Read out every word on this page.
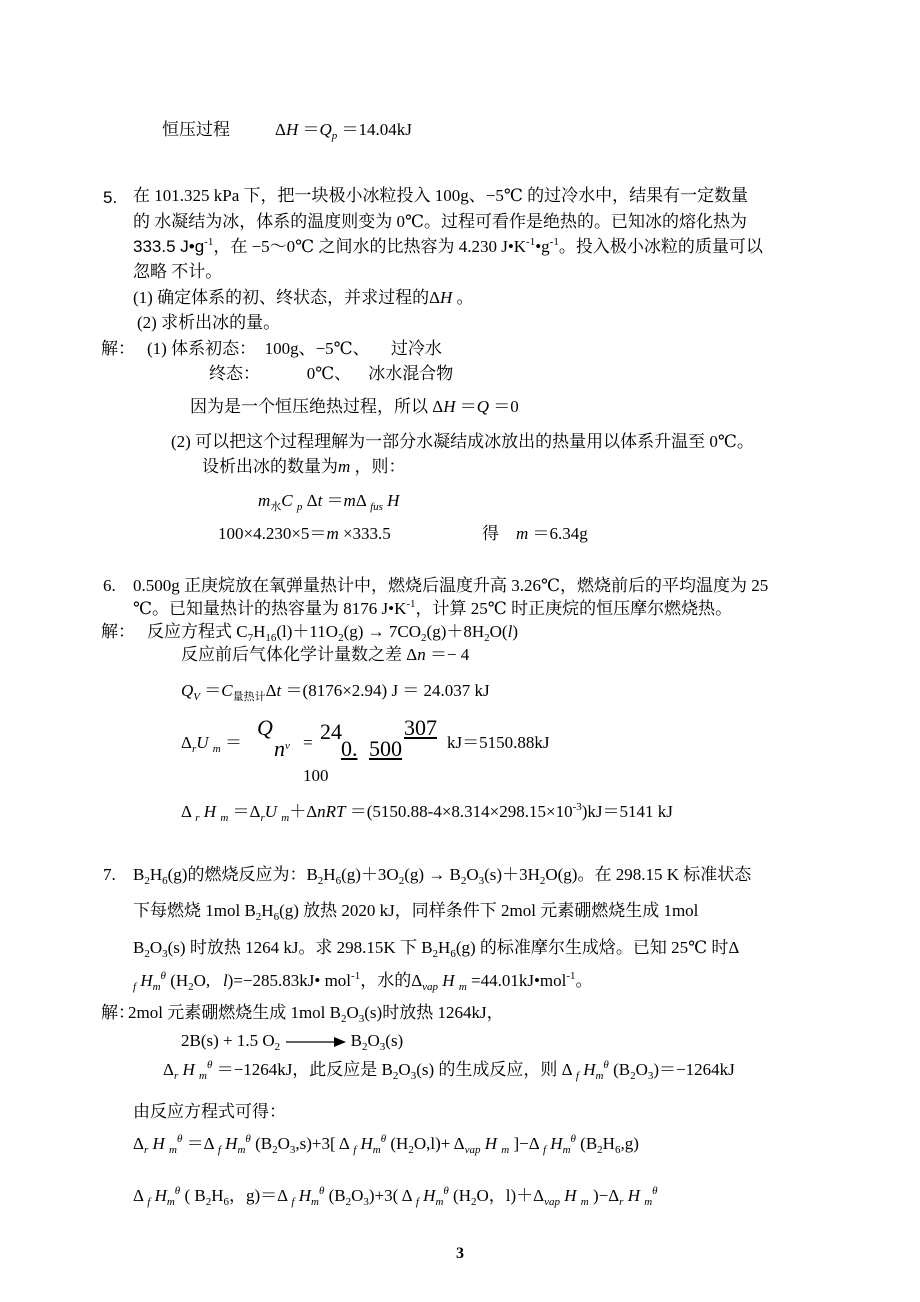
恒压过程	$\Delta H =Q_p =14.04kJ$
5. 在 101.325 kPa 下，把一块极小冰粒投入 100g、−5℃ 的过冷水中，结果有一定数量
的 水凝结为冰，体系的温度则变为 0℃。过程可看作是绝热的。已知冰的熔化热为
333.5 $J•g^{-1}$，在 −5～0℃ 之间水的比热容为 4.230 $J•K^{-1}•g^{-1}$。投入极小冰粒的质量可以
忽略 不计。
(1) 确定体系的初、终状态，并求过程的ΔH 。
(2) 求析出冰的量。
解： (1) 体系初态：  100g、−5℃、     过冷水
终态：           0℃、    冰水混合物
因为是一个恒压绝热过程，所以 ΔH ＝Q ＝0
(2) 可以把这个过程理解为一部分水凝结成冰放出的热量用以体系升温至 0℃。
设析出冰的数量为m ，则：
$m_水C$ $_p$ Δt ＝mΔ $_{fus}$ H
100×4.230×5＝m ×333.5	得    m ＝6.34g
6. 0.500g 正庚烷放在氧弹量热计中，燃烧后温度升高 3.26℃，燃烧前后的平均温度为 25
℃。已知量热计的热容量为 8176 $J•K^{-1}$，计算 25℃ 时正庚烷的恒压摩尔燃烧热。
解： 反应方程式 $C_7H_{16}(l)+11O_2(g) \to 7CO_2(g)+8H_2O(l)$
反应前后气体化学计量数之差 Δn ＝− 4
$Q_V =C_{量热计}\Delta t =(8176\times 2.94) J = 24.037$ kJ
$\Delta_rU$ $_m$ ＝
Q
$n^v = 24$
0. 500
307
kJ＝5150.88kJ
100
Δ $_r$ H $_m =\Delta_rU$ $_m+\Delta nRT =(5150.88-4\times 8.314\times 298.15\times 10^{-3})kJ=5141$ kJ
7. $B_2H_6(g)$的燃烧反应为：$B_2H_6(g)+3O_2(g) \to B_2O_3(s)+3H_2O(g)$。在 298.15 K 标准状态
下每燃烧 1mol $B_2H_6(g)$ 放热 2020 kJ，同样条件下 2mol 元素硼燃烧生成 1mol
$B_2O_3(s)$ 时放热 1264 kJ。求 298.15K 下 $B_2H_6(g)$ 的标准摩尔生成焓。已知 25℃ 时Δ
$_f$ $H_m^\theta$ ($H_2O$,   l)=−285.83kJ• mol$^{-1}$，水的$\Delta_{vap}$ H $_m$ =44.01kJ•mol$^{-1}$。
解：
2mol 元素硼燃烧生成 1mol $B_2O_3(s)$时放热 1264kJ，
2B(s) + 1.5 $O_2 \to B_2O_3(s)$
$\Delta_r$ H $_m^\theta$ ＝−1264kJ，此反应是 $B_2O_3(s)$ 的生成反应，则 Δ $_f$ $H_m^\theta$ $(B_2O_3)=-1264kJ$
由反应方程式可得：
$\Delta_r$ H $_m^\theta$ ＝Δ $_f$ $H_m^\theta$ $(B_2O_3,s)+3$[ Δ $_f$ $H_m^\theta$ $(H_2O,l)+ \Delta_{vap}$ H $_m$ ]−Δ $_f$ $H_m^\theta$ $(B_2H_6,g)$
Δ $_f$ $H_m^\theta$ ( $B_2H_6$，g)＝Δ $_f$ $H_m^\theta$ $(B_2O_3)+3$( Δ $_f$ $H_m^\theta$ ($H_2O$，$l)+\Delta_{vap}$ H $_m$ )$-\Delta_r$ H $_m^\theta$
3
